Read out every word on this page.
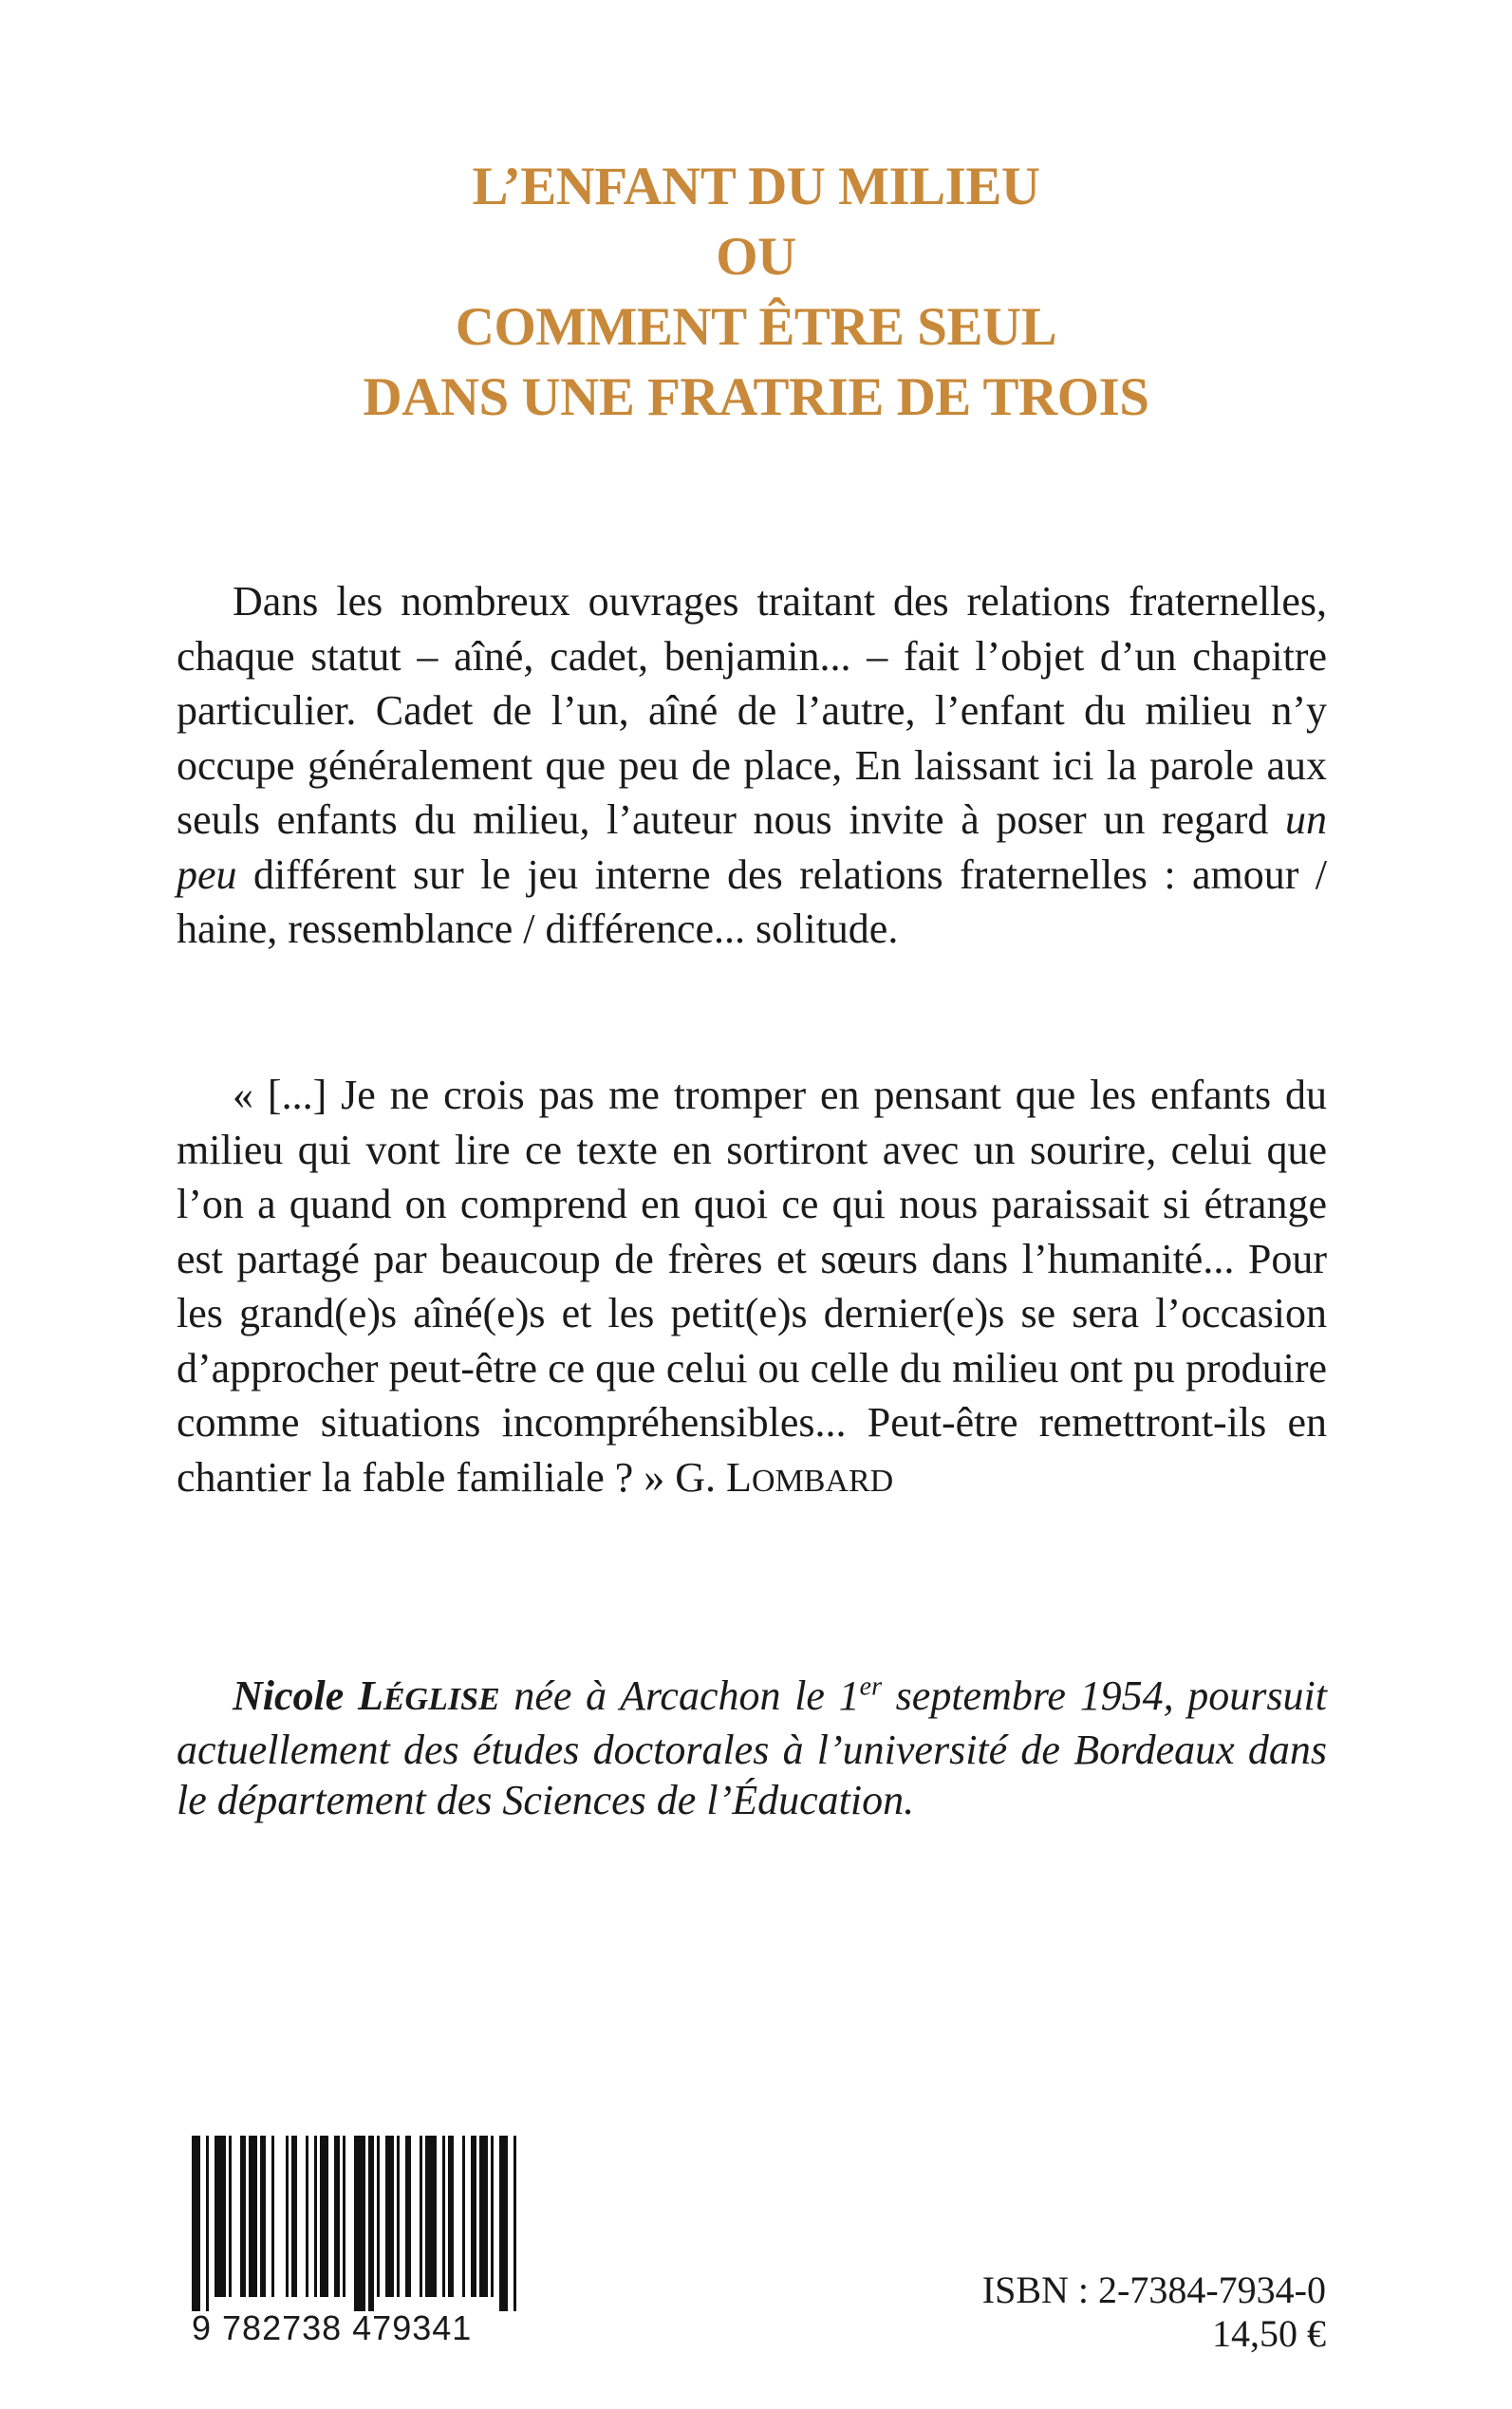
L’ENFANT DU MILIEU
OU
COMMENT ÊTRE SEUL
DANS UNE FRATRIE DE TROIS

Dans les nombreux ouvrages traitant des relations fraternelles, chaque statut – aîné, cadet, benjamin... – fait l’objet d’un chapitre particulier. Cadet de l’un, aîné de l’autre, l’enfant du milieu n’y occupe généralement que peu de place, En laissant ici la parole aux seuls enfants du milieu, l’auteur nous invite à poser un regard un peu différent sur le jeu interne des relations fraternelles : amour / haine, ressemblance / différence... solitude.

« [...] Je ne crois pas me tromper en pensant que les enfants du milieu qui vont lire ce texte en sortiront avec un sourire, celui que l’on a quand on comprend en quoi ce qui nous paraissait si étrange est partagé par beaucoup de frères et sœurs dans l’humanité... Pour les grand(e)s aîné(e)s et les petit(e)s dernier(e)s se sera l’occasion d’approcher peut-être ce que celui ou celle du milieu ont pu produire comme situations incompréhensibles... Peut-être remettront-ils en chantier la fable familiale ? » G. LOMBARD

Nicole LÉGLISE née à Arcachon le 1er septembre 1954, poursuit actuellement des études doctorales à l’université de Bordeaux dans le département des Sciences de l’Éducation.

9 782738 479341
ISBN : 2-7384-7934-0
14,50 €
